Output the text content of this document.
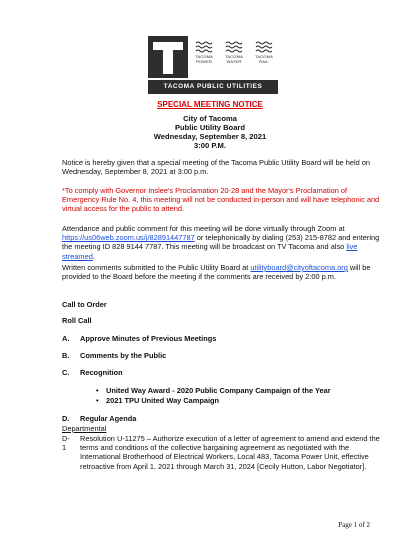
TACOMA POWER
TACOMA WATER
TACOMA RAIL
TACOMA PUBLIC UTILITIES
SPECIAL MEETING NOTICE
City of Tacoma
Public Utility Board
Wednesday, September 8, 2021
3:00 P.M.
Notice is hereby given that a special meeting of the Tacoma Public Utility Board will be held on Wednesday, September 8, 2021 at 3:00 p.m.
*To comply with Governor Inslee's Proclamation 20-28 and the Mayor's Proclamation of Emergency Rule No. 4, this meeting will not be conducted in-person and will have telephonic and virtual access for the public to attend.
Attendance and public comment for this meeting will be done virtually through Zoom at https://us06web.zoom.us/j/82891447787 or telephonically by dialing (253) 215-8782 and entering the meeting ID 828 9144 7787. This meeting will be broadcast on TV Tacoma and also live streamed.
Written comments submitted to the Public Utility Board at utilityboard@cityoftacoma.org will be provided to the Board before the meeting if the comments are received by 2:00 p.m.
Call to Order
Roll Call
A. Approve Minutes of Previous Meetings
B. Comments by the Public
C. Recognition
• United Way Award - 2020 Public Company Campaign of the Year
• 2021 TPU United Way Campaign
D. Regular Agenda
Departmental
D-1
Resolution U-11275 – Authorize execution of a letter of agreement to amend and extend the terms and conditions of the collective bargaining agreement as negotiated with the International Brotherhood of Electrical Workers, Local 483, Tacoma Power Unit, effective retroactive from April 1, 2021 through March 31, 2024 [Cecily Hutton, Labor Negotiator].
Page 1 of 2
